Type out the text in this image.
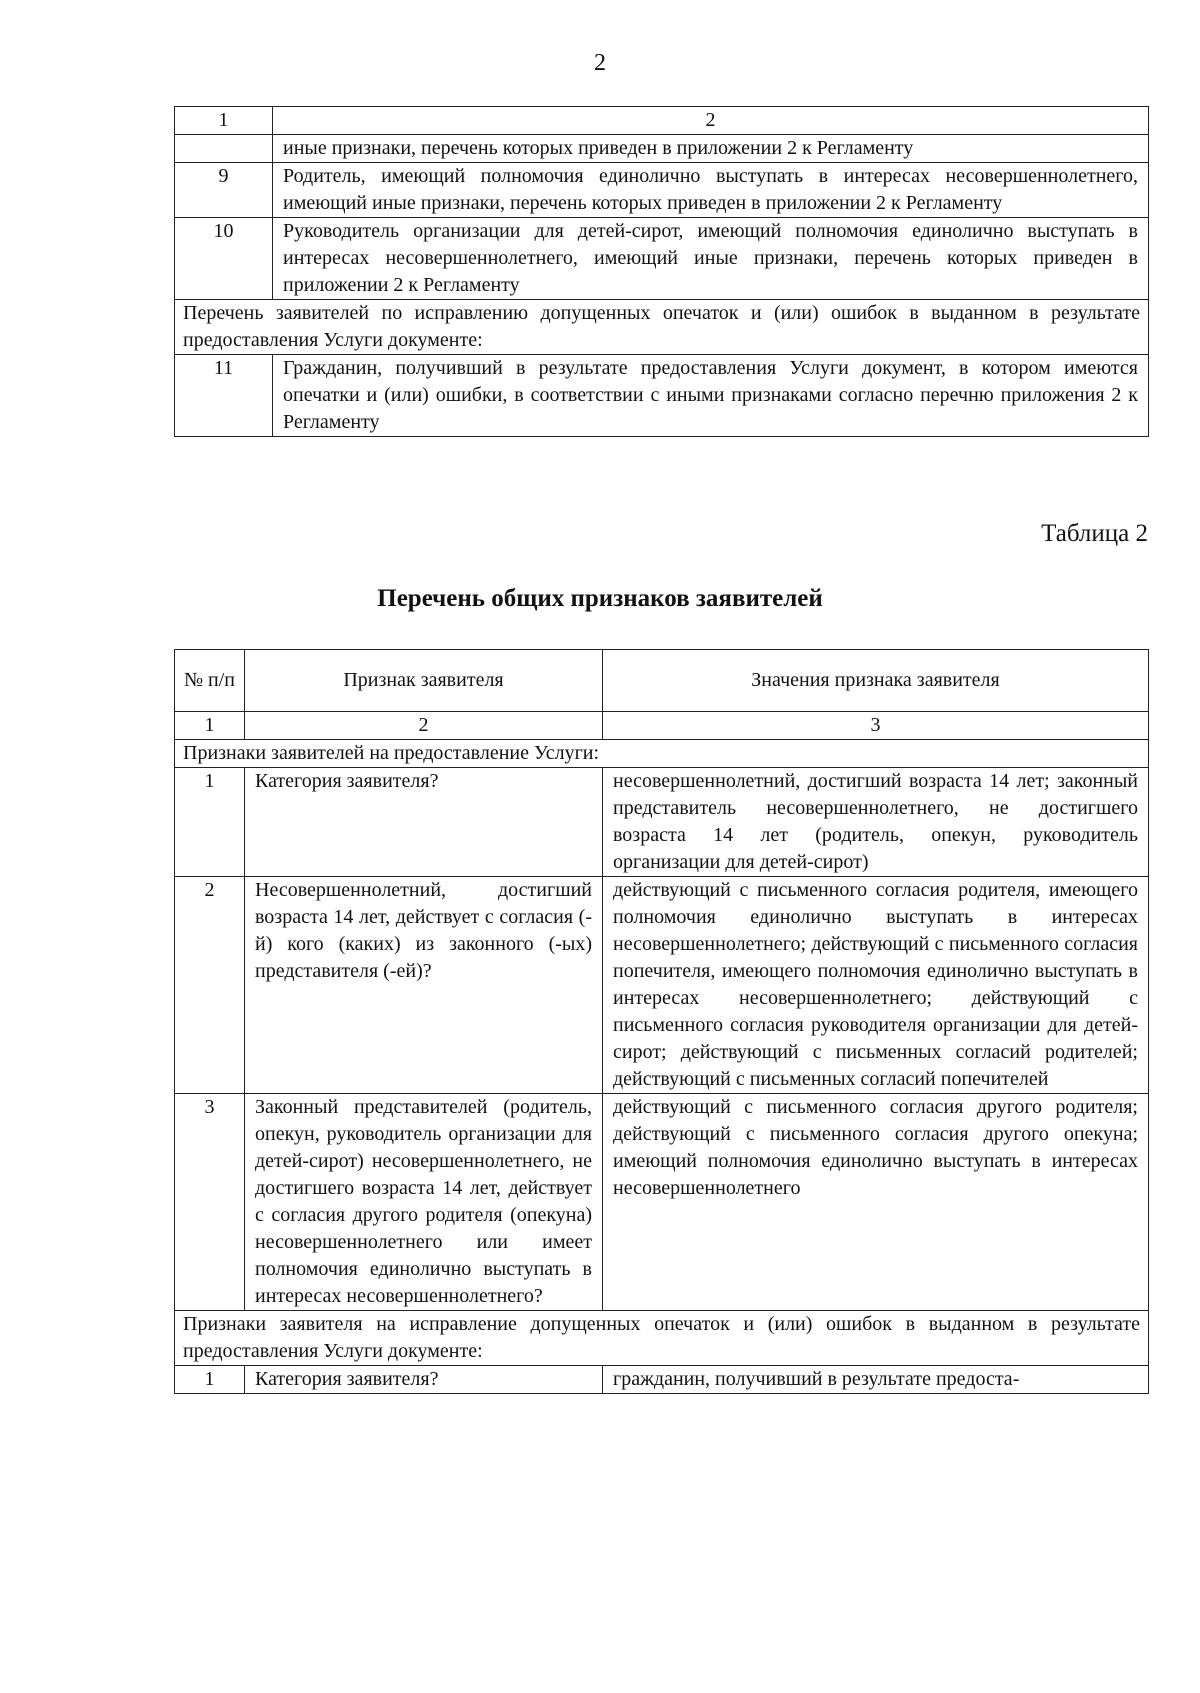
2
1	2
	иные признаки, перечень которых приведен в приложении 2 к Регламенту
9	Родитель, имеющий полномочия единолично выступать в интересах несовершеннолетнего, имеющий иные признаки, перечень которых приведен в приложении 2 к Регламенту
10	Руководитель организации для детей-сирот, имеющий полномочия единолично выступать в интересах несовершеннолетнего, имеющий иные признаки, перечень которых приведен в приложении 2 к Регламенту
Перечень заявителей по исправлению допущенных опечаток и (или) ошибок в выданном в результате предоставления Услуги документе:	
11	Гражданин, получивший в результате предоставления Услуги документ, в котором имеются опечатки и (или) ошибки, в соответствии с иными признаками согласно перечню приложения 2 к Регламенту
Таблица 2
Перечень общих признаков заявителей
№ п/п	Признак заявителя	Значения признака заявителя
1	2	3
Признаки заявителей на предоставление Услуги:		
1	Категория заявителя?	несовершеннолетний, достигший возраста 14 лет; законный представитель несовершеннолетнего, не достигшего возраста 14 лет (родитель, опекун, руководитель организации для детей-сирот)
2	Несовершеннолетний, достигший возраста 14 лет, действует с согласия (-й) кого (каких) из законного (-ых) представителя (-ей)?	действующий с письменного согласия родителя, имеющего полномочия единолично выступать в интересах несовершеннолетнего; действующий с письменного согласия попечителя, имеющего полномочия единолично выступать в интересах несовершеннолетнего; действующий с письменного согласия руководителя организации для детей-сирот; действующий с письменных согласий родителей; действующий с письменных согласий попечителей
3	Законный представителей (родитель, опекун, руководитель организации для детей-сирот) несовершеннолетнего, не достигшего возраста 14 лет, действует с согласия другого родителя (опекуна) несовершеннолетнего или имеет полномочия единолично выступать в интересах несовершеннолетнего?	действующий с письменного согласия другого родителя; действующий с письменного согласия другого опекуна; имеющий полномочия единолично выступать в интересах несовершеннолетнего
Признаки заявителя на исправление допущенных опечаток и (или) ошибок в выданном в результате предоставления Услуги документе:		
1	Категория заявителя?	гражданин, получивший в результате предоста-
